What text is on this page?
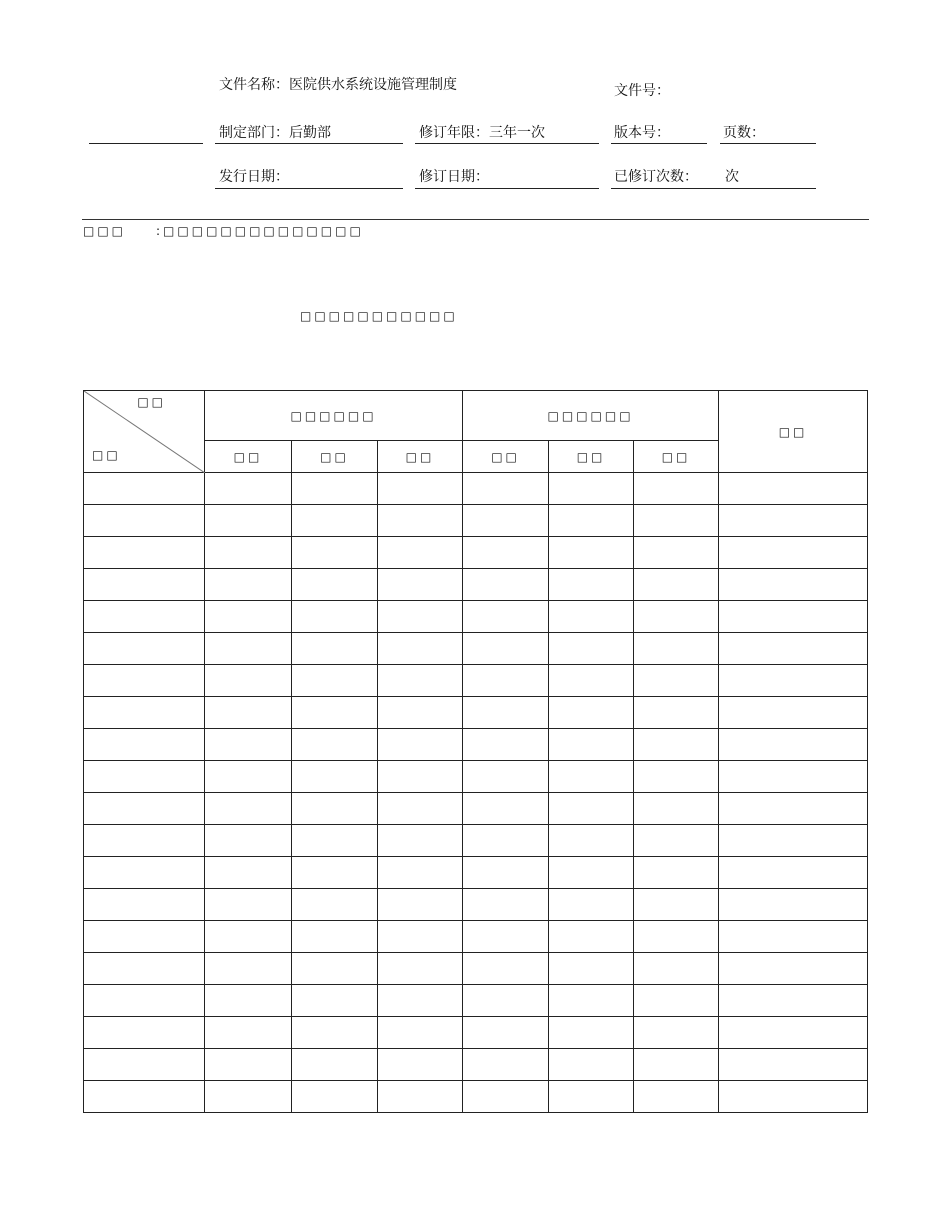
文件名称：医院供水系统设施管理制度	文件号：
制定部门：后勤部	修订年限：三年一次	版本号：	页数：
发行日期：	修订日期：	已修订次数： 次
□□□　　:□□□□□□□□□□□□□□
□□□□□□□□□□□
□□
□□	□□□□□□			□□□□□□			□□
	□□	□□	□□	□□	□□	□□	
